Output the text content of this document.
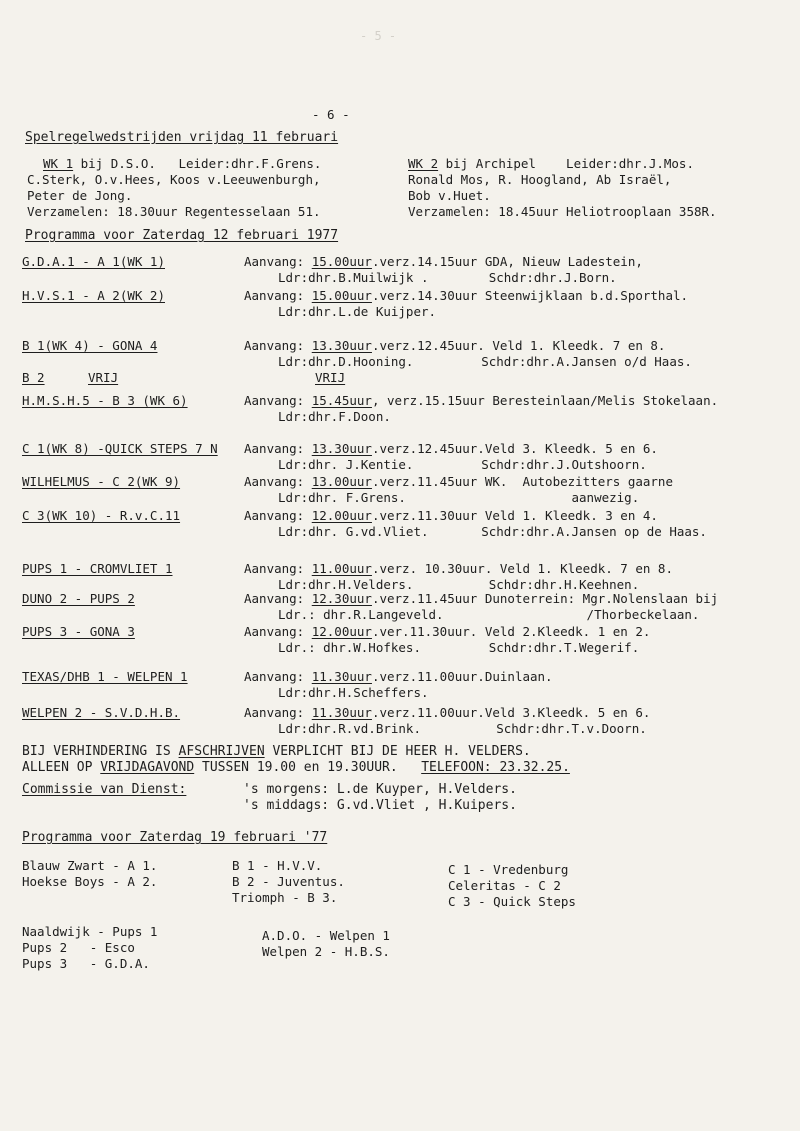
- 5 -
- 6 -
Spelregelwedstrijden vrijdag 11 februari
WK 1 bij D.S.O.   Leider:dhr.F.Grens.
C.Sterk, O.v.Hees, Koos v.Leeuwenburgh,
Peter de Jong.
Verzamelen: 18.30uur Regentesselaan 51.
WK 2 bij Archipel    Leider:dhr.J.Mos.
Ronald Mos, R. Hoogland, Ab Israël,
Bob v.Huet.
Verzamelen: 18.45uur Heliotrooplaan 358R.
Programma voor Zaterdag 12 februari 1977
G.D.A.1 - A 1(WK 1)	Aanvang: 15.00uur.verz.14.15uur GDA, Nieuw Ladestein,
Ldr:dhr.B.Muilwijk .        Schdr:dhr.J.Born.
H.V.S.1 - A 2(WK 2)	Aanvang: 15.00uur.verz.14.30uur Steenwijklaan b.d.Sporthal.
Ldr:dhr.L.de Kuijper.
B 1(WK 4) - GONA 4	Aanvang: 13.30uur.verz.12.45uur. Veld 1. Kleedk. 7 en 8.
Ldr:dhr.D.Hooning.         Schdr:dhr.A.Jansen o/d Haas.
B 2	VRIJ	VRIJ
H.M.S.H.5 - B 3 (WK 6)	Aanvang: 15.45uur, verz.15.15uur Beresteinlaan/Melis Stokelaan.
Ldr:dhr.F.Doon.
C 1(WK 8) -QUICK STEPS 7 N Aanvang: 13.30uur.verz.12.45uur.Veld 3. Kleedk. 5 en 6.
Ldr:dhr. J.Kentie.         Schdr:dhr.J.Outshoorn.
WILHELMUS - C 2(WK 9)	Aanvang: 13.00uur.verz.11.45uur WK.  Autobezitters gaarne
Ldr:dhr. F.Grens.                      aanwezig.
C 3(WK 10) - R.v.C.11	Aanvang: 12.00uur.verz.11.30uur Veld 1. Kleedk. 3 en 4.
Ldr:dhr. G.vd.Vliet.       Schdr:dhr.A.Jansen op de Haas.
PUPS 1 - CROMVLIET 1	Aanvang: 11.00uur.verz. 10.30uur. Veld 1. Kleedk. 7 en 8.
Ldr:dhr.H.Velders.          Schdr:dhr.H.Keehnen.
DUNO 2 - PUPS 2	Aanvang: 12.30uur.verz.11.45uur Dunoterrein: Mgr.Nolenslaan bij
Ldr.: dhr.R.Langeveld.                   /Thorbeckelaan.
PUPS 3 - GONA 3	Aanvang: 12.00uur.ver.11.30uur. Veld 2.Kleedk. 1 en 2.
Ldr.: dhr.W.Hofkes.         Schdr:dhr.T.Wegerif.
TEXAS/DHB 1 - WELPEN 1	Aanvang: 11.30uur.verz.11.00uur.Duinlaan.
Ldr:dhr.H.Scheffers.
WELPEN 2 - S.V.D.H.B.	Aanvang: 11.30uur.verz.11.00uur.Veld 3.Kleedk. 5 en 6.
Ldr:dhr.R.vd.Brink.          Schdr:dhr.T.v.Doorn.
BIJ VERHINDERING IS AFSCHRIJVEN VERPLICHT BIJ DE HEER H. VELDERS.
ALLEEN OP VRIJDAGAVOND TUSSEN 19.00 en 19.30UUR.   TELEFOON: 23.32.25.
Commissie van Dienst:	's morgens: L.de Kuyper, H.Velders.
's middags: G.vd.Vliet , H.Kuipers.
Programma voor Zaterdag 19 februari '77
Blauw Zwart - A 1.
Hoekse Boys - A 2.
B 1 - H.V.V.
B 2 - Juventus.
Triomph - B 3.
C 1 - Vredenburg
Celeritas - C 2
C 3 - Quick Steps
Naaldwijk - Pups 1
Pups 2   - Esco
Pups 3   - G.D.A.
A.D.O. - Welpen 1
Welpen 2 - H.B.S.
